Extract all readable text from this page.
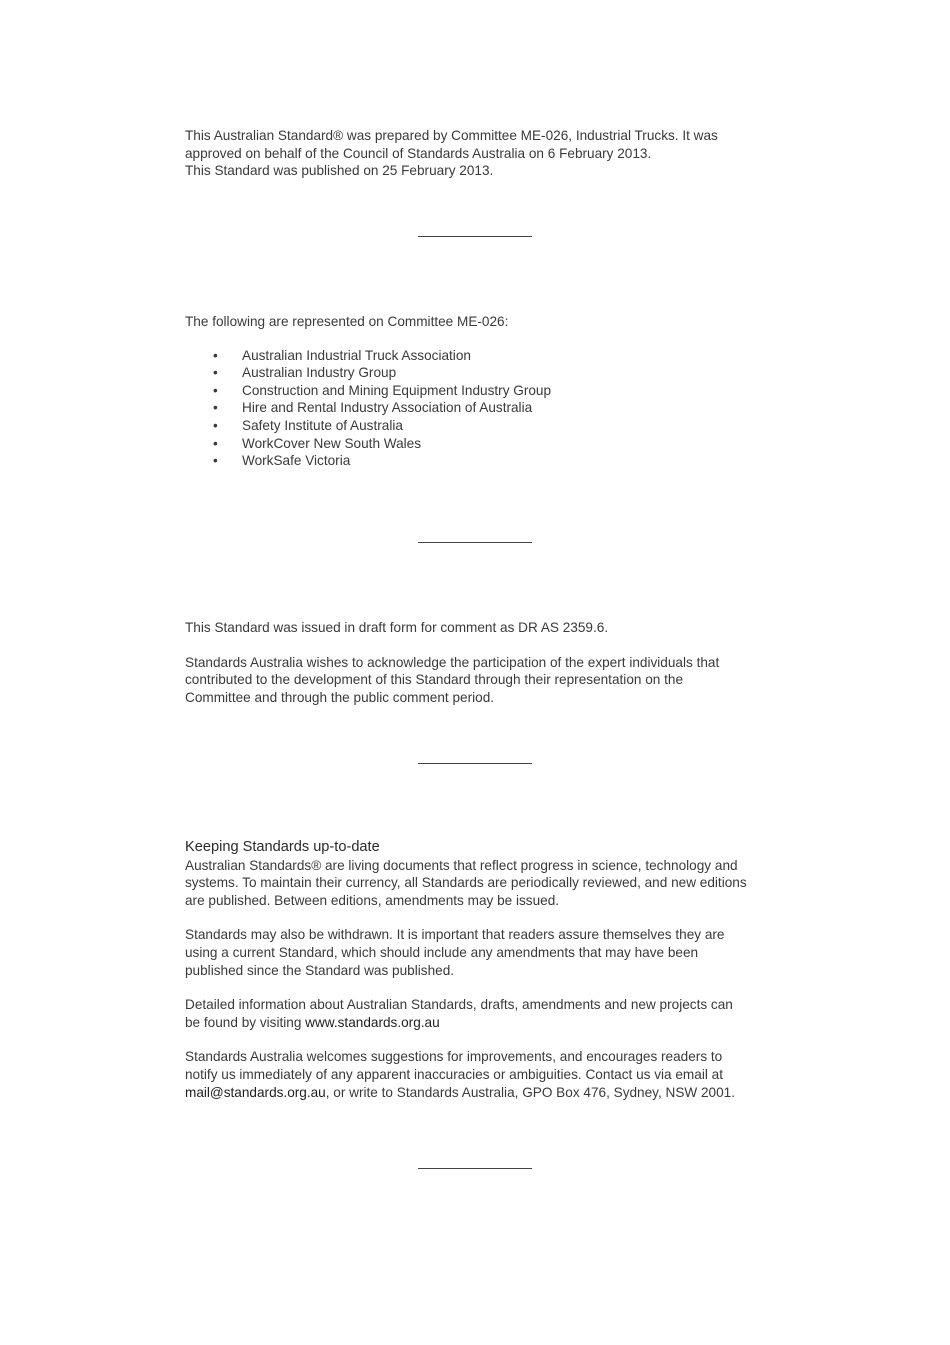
This Australian Standard® was prepared by Committee ME-026, Industrial Trucks. It was

approved on behalf of the Council of Standards Australia on 6 February 2013.

This Standard was published on 25 February 2013.

The following are represented on Committee ME-026:

• Australian Industrial Truck Association
• Australian Industry Group
• Construction and Mining Equipment Industry Group
• Hire and Rental Industry Association of Australia
• Safety Institute of Australia
• WorkCover New South Wales
• WorkSafe Victoria

This Standard was issued in draft form for comment as DR AS 2359.6.

Standards Australia wishes to acknowledge the participation of the expert individuals that

contributed to the development of this Standard through their representation on the

Committee and through the public comment period.

Keeping Standards up-to-date

Australian Standards® are living documents that reflect progress in science, technology and

systems. To maintain their currency, all Standards are periodically reviewed, and new editions

are published. Between editions, amendments may be issued.

Standards may also be withdrawn. It is important that readers assure themselves they are

using a current Standard, which should include any amendments that may have been

published since the Standard was published.

Detailed information about Australian Standards, drafts, amendments and new projects can

be found by visiting www.standards.org.au

Standards Australia welcomes suggestions for improvements, and encourages readers to

notify us immediately of any apparent inaccuracies or ambiguities. Contact us via email at

mail@standards.org.au, or write to Standards Australia, GPO Box 476, Sydney, NSW 2001.
